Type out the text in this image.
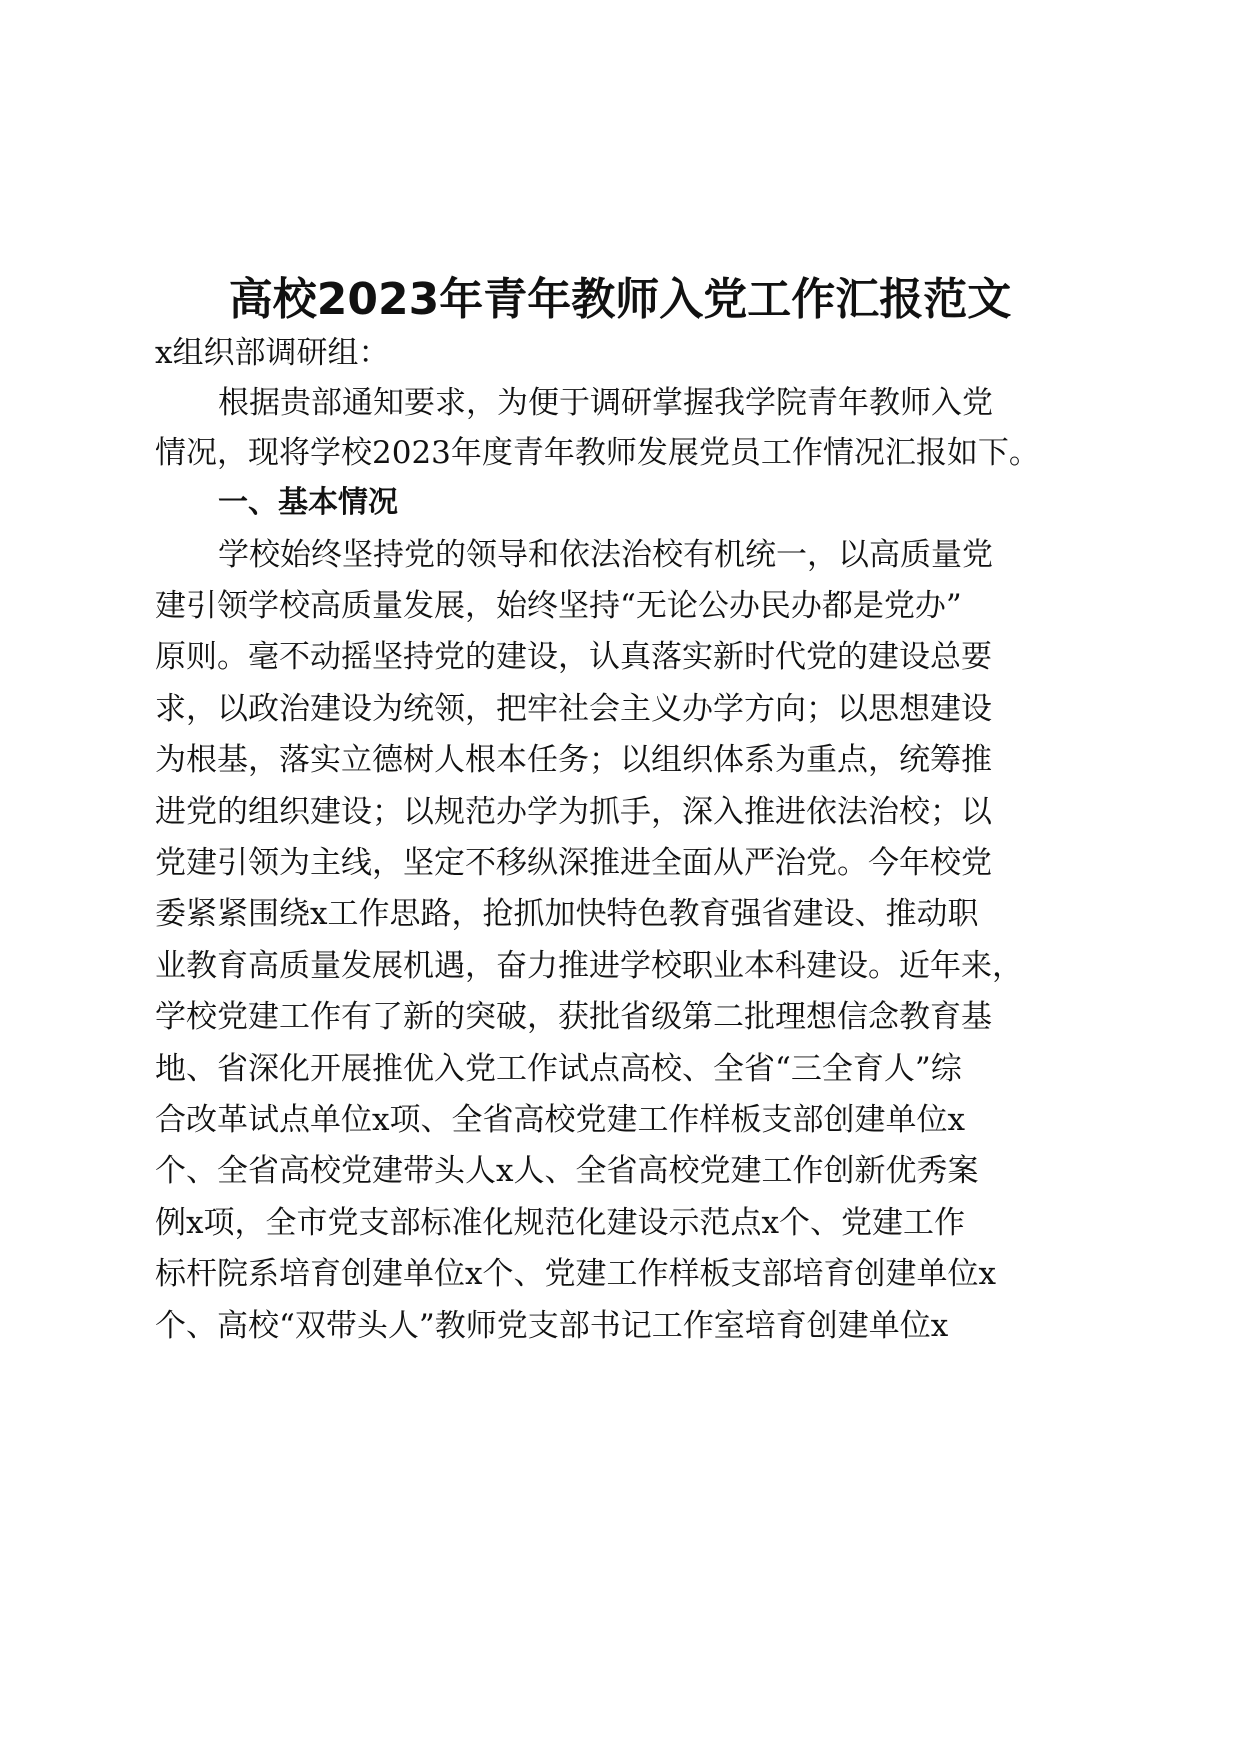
高校2023年青年教师入党工作汇报范文

x组织部调研组：

根据贵部通知要求，为便于调研掌握我学院青年教师入党

情况，现将学校2023年度青年教师发展党员工作情况汇报如下。

一、基本情况

学校始终坚持党的领导和依法治校有机统一，以高质量党

建引领学校高质量发展，始终坚持“无论公办民办都是党办”

原则。毫不动摇坚持党的建设，认真落实新时代党的建设总要

求，以政治建设为统领，把牢社会主义办学方向；以思想建设

为根基，落实立德树人根本任务；以组织体系为重点，统筹推

进党的组织建设；以规范办学为抓手，深入推进依法治校；以

党建引领为主线，坚定不移纵深推进全面从严治党。今年校党

委紧紧围绕x工作思路，抢抓加快特色教育强省建设、推动职

业教育高质量发展机遇，奋力推进学校职业本科建设。近年来，

学校党建工作有了新的突破，获批省级第二批理想信念教育基

地、省深化开展推优入党工作试点高校、全省“三全育人”综

合改革试点单位x项、全省高校党建工作样板支部创建单位x

个、全省高校党建带头人x人、全省高校党建工作创新优秀案

例x项，全市党支部标准化规范化建设示范点x个、党建工作

标杆院系培育创建单位x个、党建工作样板支部培育创建单位x

个、高校“双带头人”教师党支部书记工作室培育创建单位x
